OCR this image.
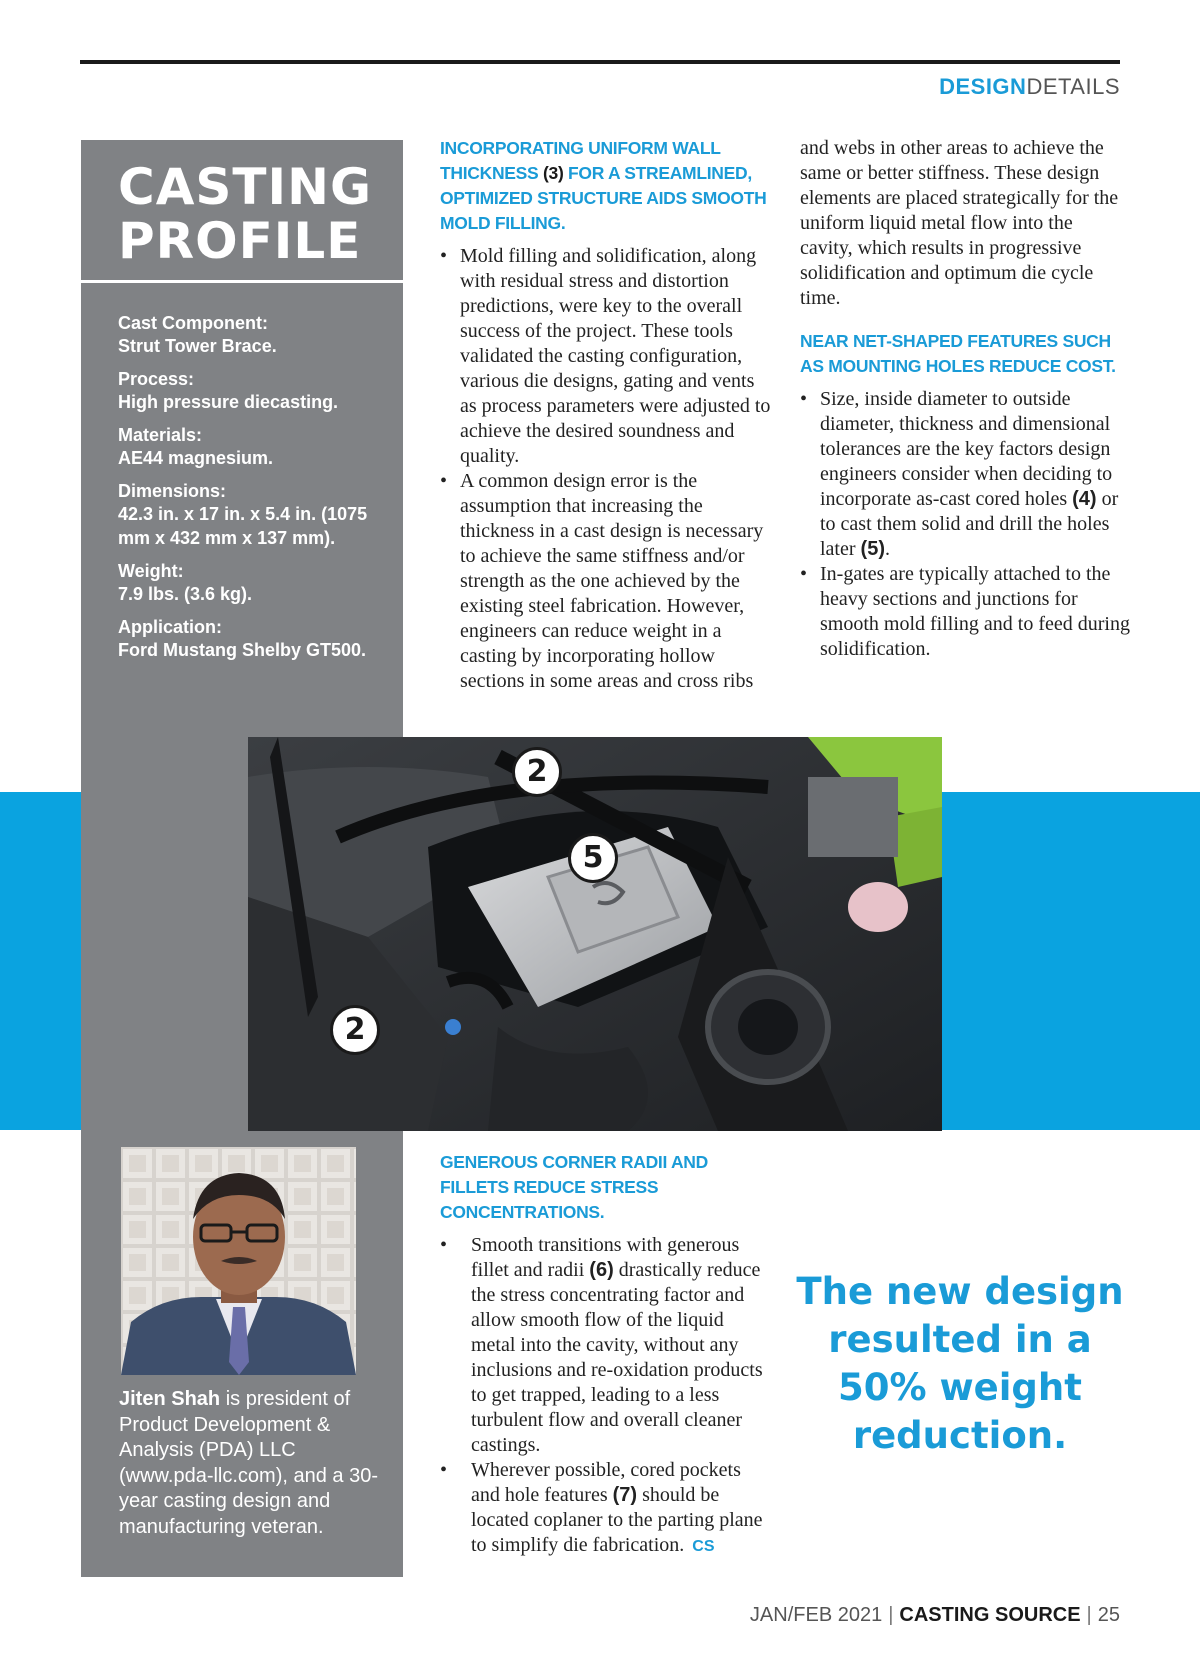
DESIGNDETAILS
CASTING
PROFILE
Cast Component:
Strut Tower Brace.
Process:
High pressure diecasting.
Materials:
AE44 magnesium.
Dimensions:
42.3 in. x 17 in. x 5.4 in. (1075 mm x 432 mm x 137 mm).
Weight:
7.9 lbs. (3.6 kg).
Application:
Ford Mustang Shelby GT500.
Jiten Shah is president of Product Development & Analysis (PDA) LLC (www.pda-llc.com), and a 30-year casting design and manufacturing veteran.
INCORPORATING UNIFORM WALL THICKNESS (3) FOR A STREAMLINED, OPTIMIZED STRUCTURE AIDS SMOOTH MOLD FILLING.
• Mold filling and solidification, along with residual stress and distortion predictions, were key to the overall success of the project. These tools validated the casting configuration, various die designs, gating and vents as process parameters were adjusted to achieve the desired soundness and quality.
• A common design error is the assumption that increasing the thickness in a cast design is necessary to achieve the same stiffness and/or strength as the one achieved by the existing steel fabrication. However, engineers can reduce weight in a casting by incorporating hollow sections in some areas and cross ribs

and webs in other areas to achieve the same or better stiffness. These design elements are placed strategically for the uniform liquid metal flow into the cavity, which results in progressive solidification and optimum die cycle time.

NEAR NET-SHAPED FEATURES SUCH AS MOUNTING HOLES REDUCE COST.
• Size, inside diameter to outside diameter, thickness and dimensional tolerances are the key factors design engineers consider when deciding to incorporate as-cast cored holes (4) or to cast them solid and drill the holes later (5).
• In-gates are typically attached to the heavy sections and junctions for smooth mold filling and to feed during solidification.
2
5
2
GENEROUS CORNER RADII AND FILLETS REDUCE STRESS CONCENTRATIONS.
• Smooth transitions with generous fillet and radii (6) drastically reduce the stress concentrating factor and allow smooth flow of the liquid metal into the cavity, without any inclusions and re-oxidation products to get trapped, leading to a less turbulent flow and overall cleaner castings.
• Wherever possible, cored pockets and hole features (7) should be located coplaner to the parting plane to simplify die fabrication. CS
The new design resulted in a 50% weight reduction.
JAN/FEB 2021 | CASTING SOURCE | 25
